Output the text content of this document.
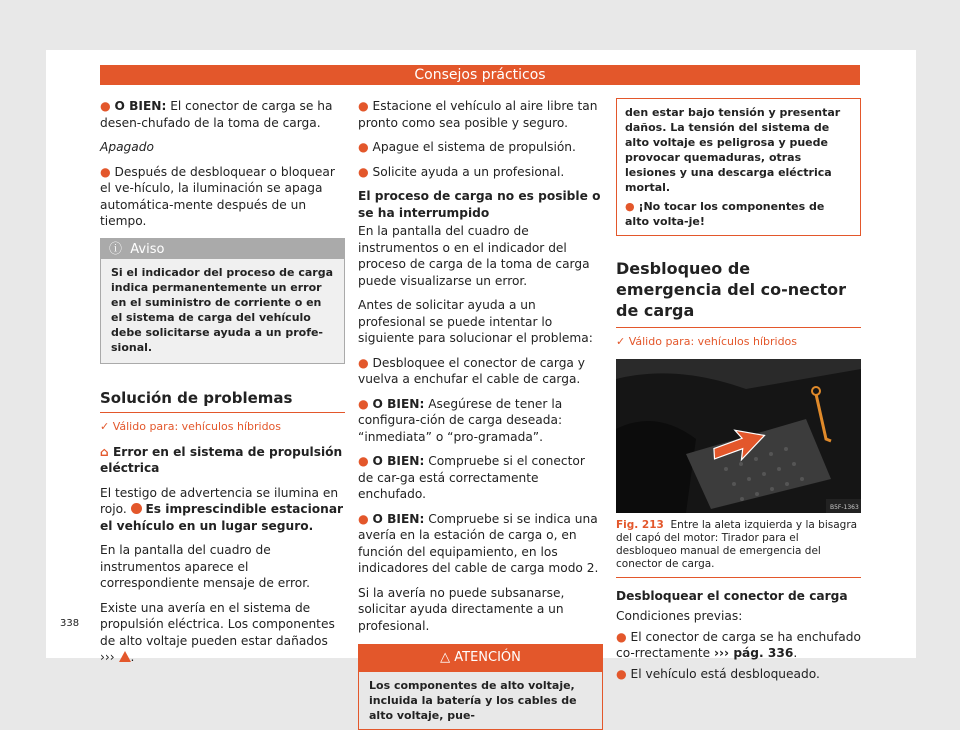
Consejos prácticos

● O BIEN: El conector de carga se ha desen-chufado de la toma de carga.

Apagado

● Después de desbloquear o bloquear el ve-hículo, la iluminación se apaga automática-mente después de un tiempo.

ⓘ Aviso
Si el indicador del proceso de carga indica permanentemente un error en el suministro de corriente o en el sistema de carga del vehículo debe solicitarse ayuda a un profe-sional.
Solución de problemas
✓ Válido para: vehículos híbridos

⌂ Error en el sistema de propulsión eléctrica

El testigo de advertencia se ilumina en rojo. Es imprescindible estacionar el vehículo en un lugar seguro.

En la pantalla del cuadro de instrumentos aparece el correspondiente mensaje de error.

Existe una avería en el sistema de propulsión eléctrica. Los componentes de alto voltaje pueden estar dañados ››› .

● Estacione el vehículo al aire libre tan pronto como sea posible y seguro.

● Apague el sistema de propulsión.

● Solicite ayuda a un profesional.

El proceso de carga no es posible o se ha interrumpido

En la pantalla del cuadro de instrumentos o en el indicador del proceso de carga de la toma de carga puede visualizarse un error.

Antes de solicitar ayuda a un profesional se puede intentar lo siguiente para solucionar el problema:

● Desbloquee el conector de carga y vuelva a enchufar el cable de carga.

● O BIEN: Asegúrese de tener la configura-ción de carga deseada: “inmediata” o “pro-gramada”.

● O BIEN: Compruebe si el conector de car-ga está correctamente enchufado.

● O BIEN: Compruebe si se indica una avería en la estación de carga o, en función del equipamiento, en los indicadores del cable de carga modo 2.

Si la avería no puede subsanarse, solicitar ayuda directamente a un profesional.

△ ATENCIÓN
Los componentes de alto voltaje, incluida la batería y los cables de alto voltaje, pue-

den estar bajo tensión y presentar daños. La tensión del sistema de alto voltaje es peligrosa y puede provocar quemaduras, otras lesiones y una descarga eléctrica mortal.

● ¡No tocar los componentes de alto volta-je!

Desbloqueo de emergencia del co-nector de carga
✓ Válido para: vehículos híbridos
B5F-1363
Fig. 213 Entre la aleta izquierda y la bisagra del capó del motor: Tirador para el desbloqueo manual de emergencia del conector de carga.

Desbloquear el conector de carga

Condiciones previas:

● El conector de carga se ha enchufado co-rrectamente ››› pág. 336.

● El vehículo está desbloqueado.

338
